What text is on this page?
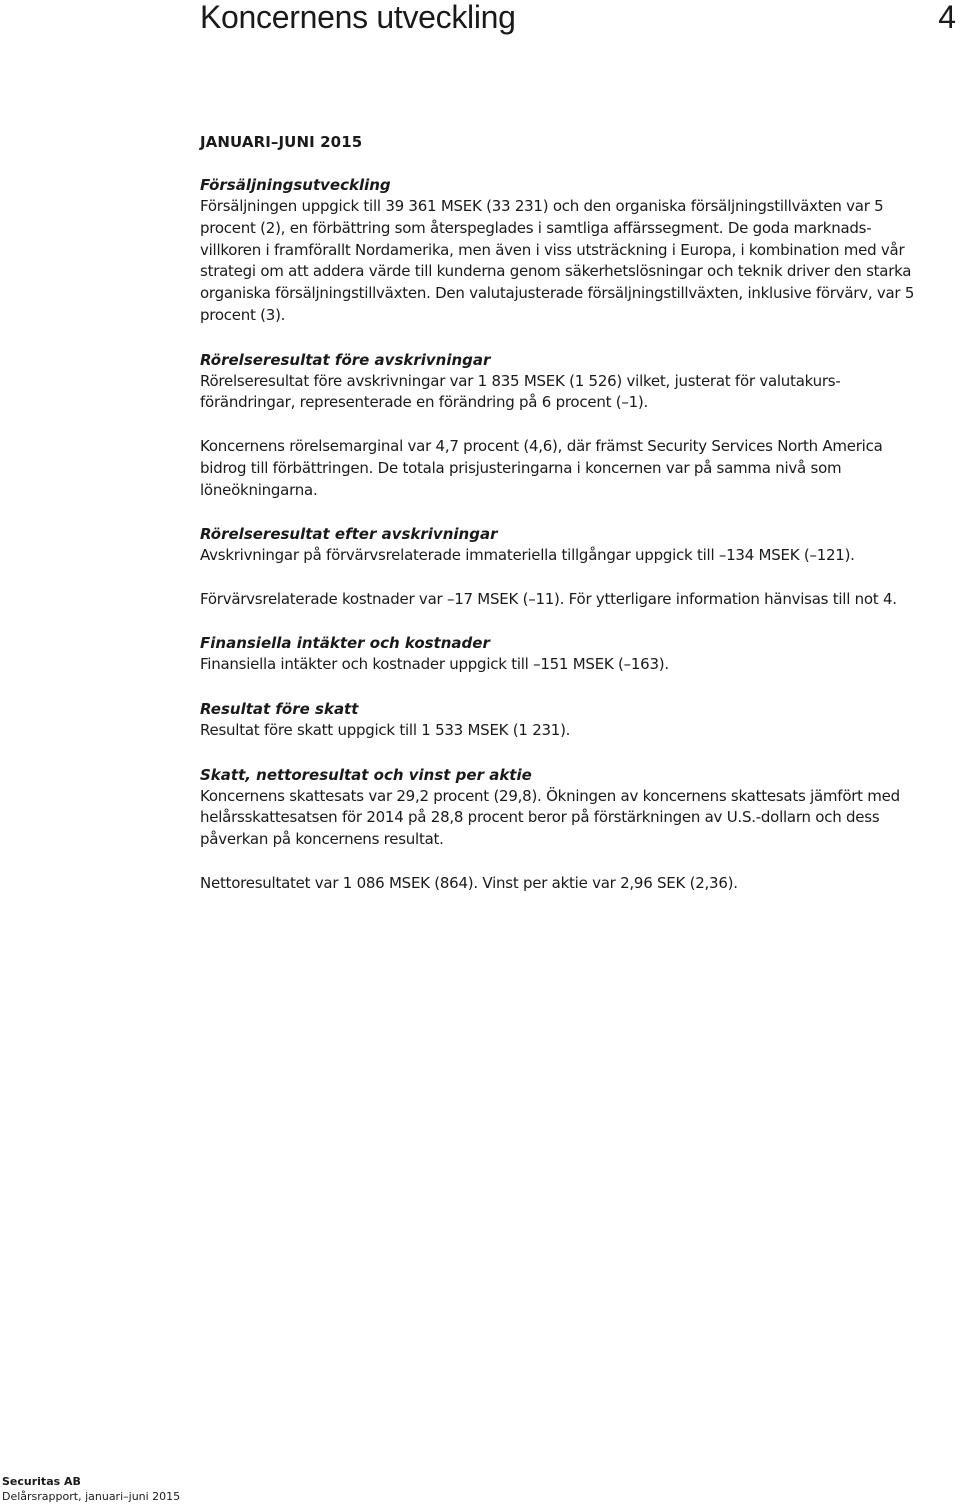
Koncernens utveckling	4
JANUARI–JUNI 2015
Försäljningsutveckling

Försäljningen uppgick till 39 361 MSEK (33 231) och den organiska försäljningstillväxten var 5 procent (2), en förbättring som återspeglades i samtliga affärssegment. De goda marknads-villkoren i framförallt Nordamerika, men även i viss utsträckning i Europa, i kombination med vår strategi om att addera värde till kunderna genom säkerhetslösningar och teknik driver den starka organiska försäljningstillväxten. Den valutajusterade försäljningstillväxten, inklusive förvärv, var 5 procent (3).

Rörelseresultat före avskrivningar

Rörelseresultat före avskrivningar var 1 835 MSEK (1 526) vilket, justerat för valutakurs-förändringar, representerade en förändring på 6 procent (–1).

Koncernens rörelsemarginal var 4,7 procent (4,6), där främst Security Services North America bidrog till förbättringen. De totala prisjusteringarna i koncernen var på samma nivå som löneökningarna.

Rörelseresultat efter avskrivningar

Avskrivningar på förvärvsrelaterade immateriella tillgångar uppgick till –134 MSEK (–121).

Förvärvsrelaterade kostnader var –17 MSEK (–11). För ytterligare information hänvisas till not 4.

Finansiella intäkter och kostnader

Finansiella intäkter och kostnader uppgick till –151 MSEK (–163).

Resultat före skatt

Resultat före skatt uppgick till 1 533 MSEK (1 231).

Skatt, nettoresultat och vinst per aktie

Koncernens skattesats var 29,2 procent (29,8). Ökningen av koncernens skattesats jämfört med helårsskattesatsen för 2014 på 28,8 procent beror på förstärkningen av U.S.-dollarn och dess påverkan på koncernens resultat.

Nettoresultatet var 1 086 MSEK (864). Vinst per aktie var 2,96 SEK (2,36).

Securitas AB
Delårsrapport, januari–juni 2015
